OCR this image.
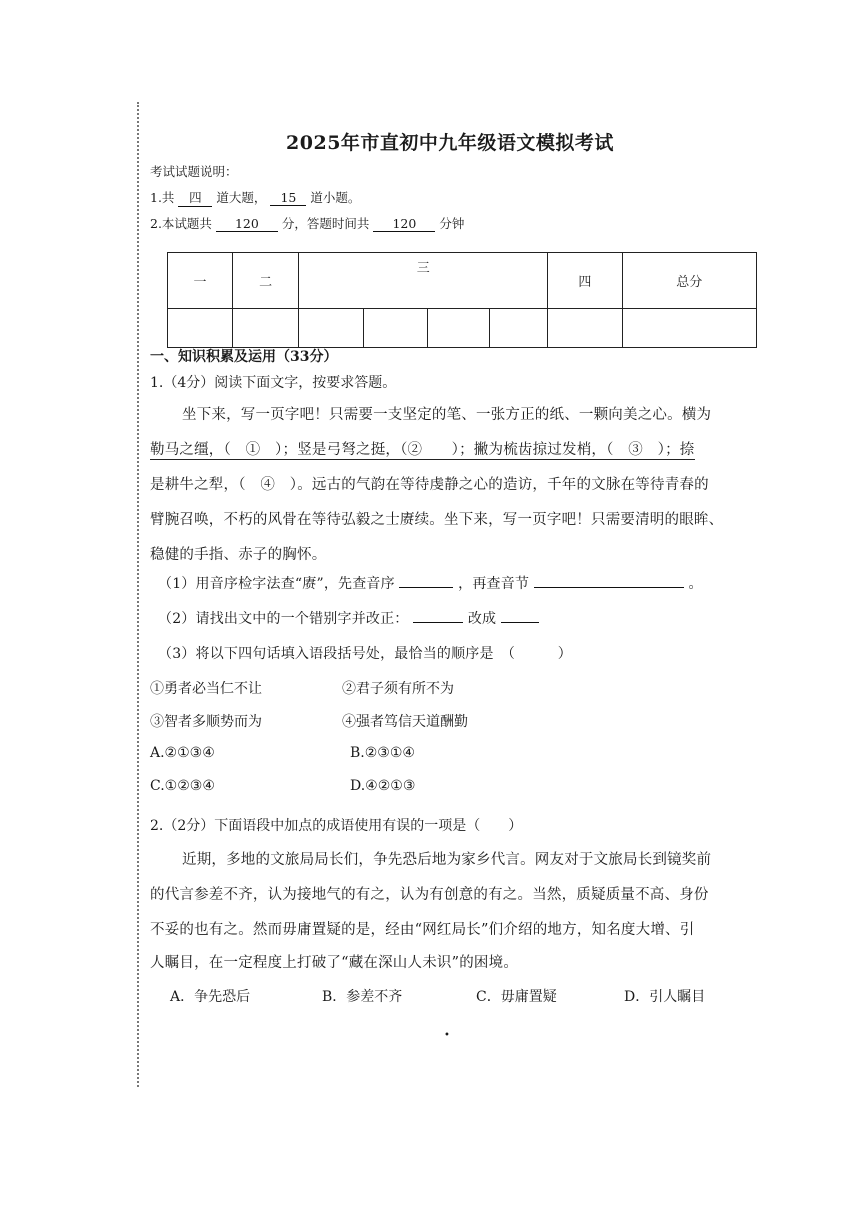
2025年市直初中九年级语文模拟考试
考试试题说明：
1.共 四 道大题， 15 道小题。
2.本试题共 120 分，答题时间共 120 分钟
一	二	三				四	总分

一、知识积累及运用（33分）
1.（4分）阅读下面文字，按要求答题。
坐下来，写一页字吧！只需要一支坚定的笔、一张方正的纸、一颗向美之心。横为
勒马之缰，（　①　）；竖是弓弩之挺，（②　　）；撇为梳齿掠过发梢，（　③　）；捺
是耕牛之犁，（　④　）。远古的气韵在等待虔静之心的造访，千年的文脉在等待青春的
臂腕召唤，不朽的风骨在等待弘毅之士赓续。坐下来，写一页字吧！只需要清明的眼眸、
稳健的手指、赤子的胸怀。
（1）用音序检字法查“赓”，先查音序	，再查音节	。
（2）请找出文中的一个错别字并改正：	改成
（3）将以下四句话填入语段括号处，最恰当的顺序是　（　　　）
①勇者必当仁不让	②君子须有所不为
③智者多顺势而为	④强者笃信天道酬勤
A.②①③④	B.②③①④
C.①②③④	D.④②①③
2.（2分）下面语段中加点的成语使用有误的一项是（　　）
近期，多地的文旅局局长们，争先恐后地为家乡代言。网友对于文旅局长到镜奖前
的代言参差不齐，认为接地气的有之，认为有创意的有之。当然，质疑质量不高、身份
不妥的也有之。然而毋庸置疑的是，经由“网红局长”们介绍的地方，知名度大增、引
人瞩目，在一定程度上打破了“藏在深山人未识”的困境。
A．争先恐后	B．参差不齐	C．毋庸置疑	D．引人瞩目
•
